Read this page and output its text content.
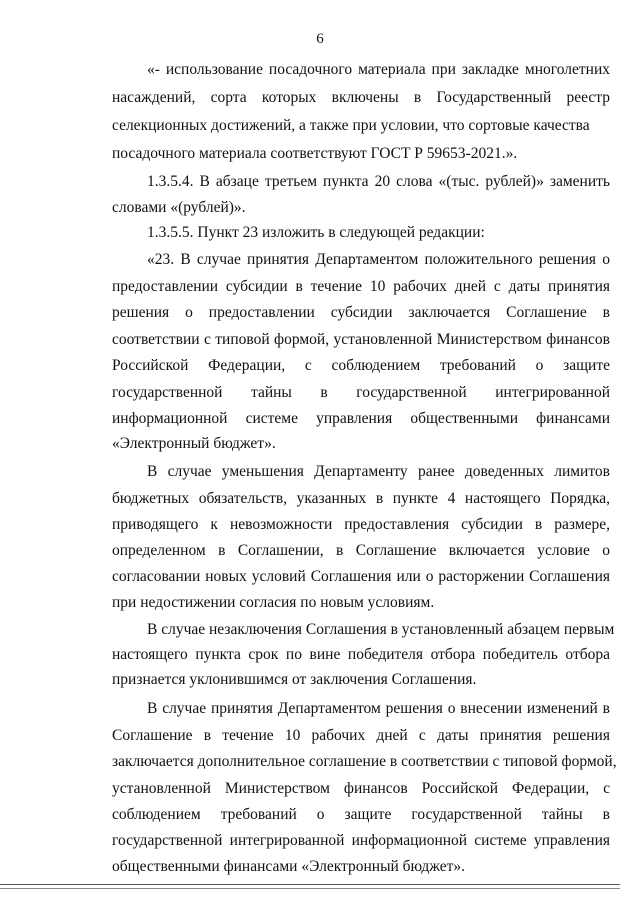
6
«- использование посадочного материала при закладке многолетних
насаждений, сорта которых включены в Государственный реестр
селекционных достижений, а также при условии, что сортовые качества
посадочного материала соответствуют ГОСТ Р 59653-2021.».
1.3.5.4. В абзаце третьем пункта 20 слова «(тыс. рублей)» заменить
словами «(рублей)».
1.3.5.5. Пункт 23 изложить в следующей редакции:
«23. В случае принятия Департаментом положительного решения о
предоставлении субсидии в течение 10 рабочих дней с даты принятия
решения о предоставлении субсидии заключается Соглашение в
соответствии с типовой формой, установленной Министерством финансов
Российской Федерации, с соблюдением требований о защите
государственной тайны в государственной интегрированной
информационной системе управления общественными финансами
«Электронный бюджет».
В случае уменьшения Департаменту ранее доведенных лимитов
бюджетных обязательств, указанных в пункте 4 настоящего Порядка,
приводящего к невозможности предоставления субсидии в размере,
определенном в Соглашении, в Соглашение включается условие о
согласовании новых условий Соглашения или о расторжении Соглашения
при недостижении согласия по новым условиям.
В случае незаключения Соглашения в установленный абзацем первым
настоящего пункта срок по вине победителя отбора победитель отбора
признается уклонившимся от заключения Соглашения.
В случае принятия Департаментом решения о внесении изменений в
Соглашение в течение 10 рабочих дней с даты принятия решения
заключается дополнительное соглашение в соответствии с типовой формой,
установленной Министерством финансов Российской Федерации, с
соблюдением требований о защите государственной тайны в
государственной интегрированной информационной системе управления
общественными финансами «Электронный бюджет».
